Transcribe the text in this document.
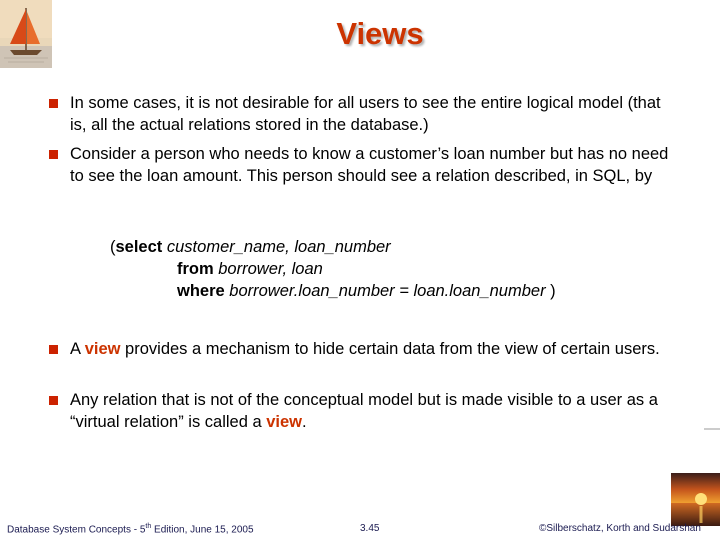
Views
In some cases, it is not desirable for all users to see the entire logical model (that is, all the actual relations stored in the database.)
Consider a person who needs to know a customer’s loan number but has no need to see the loan amount. This person should see a relation described, in SQL, by
(select customer_name, loan_number
from borrower, loan
where borrower.loan_number = loan.loan_number )
A view provides a mechanism to hide certain data from the view of certain users.
Any relation that is not of the conceptual model but is made visible to a user as a “virtual relation” is called a view.
Database System Concepts - 5th Edition, June 15, 2005	3.45	©Silberschatz, Korth and Sudarshan
